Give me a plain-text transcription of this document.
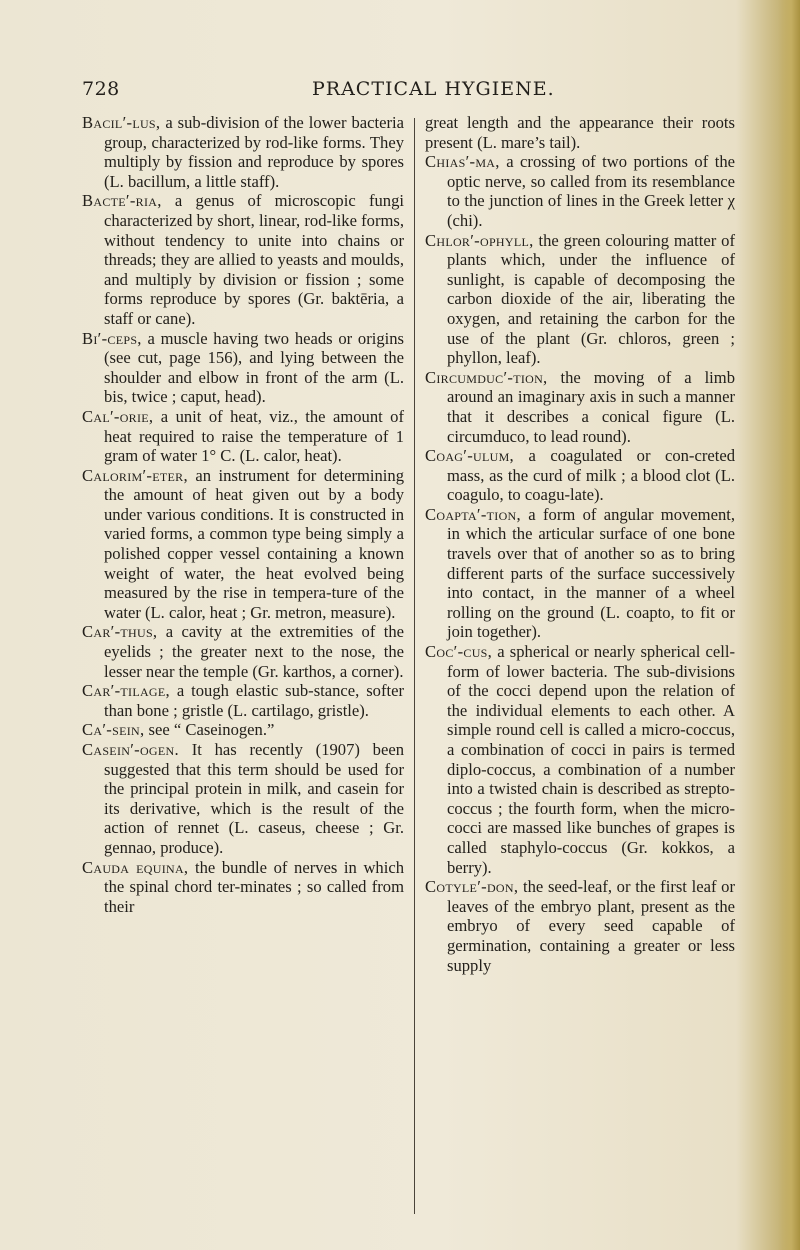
728	PRACTICAL HYGIENE.

Bacil′-lus, a sub-division of the lower bacteria group, characterized by rod-like forms. They multiply by fission and reproduce by spores (L. bacillum, a little staff).

Bacte′-ria, a genus of microscopic fungi characterized by short, linear, rod-like forms, without tendency to unite into chains or threads; they are allied to yeasts and moulds, and multiply by division or fission ; some forms reproduce by spores (Gr. baktēria, a staff or cane).

Bi′-ceps, a muscle having two heads or origins (see cut, page 156), and lying between the shoulder and elbow in front of the arm (L. bis, twice ; caput, head).

Cal′-orie, a unit of heat, viz., the amount of heat required to raise the temperature of 1 gram of water 1° C. (L. calor, heat).

Calorim′-eter, an instrument for determining the amount of heat given out by a body under various conditions. It is constructed in varied forms, a common type being simply a polished copper vessel containing a known weight of water, the heat evolved being measured by the rise in tempera-ture of the water (L. calor, heat ; Gr. metron, measure).

Car′-thus, a cavity at the extremities of the eyelids ; the greater next to the nose, the lesser near the temple (Gr. karthos, a corner).

Car′-tilage, a tough elastic sub-stance, softer than bone ; gristle (L. cartilago, gristle).

Ca′-sein, see “ Caseinogen.”

Casein′-ogen. It has recently (1907) been suggested that this term should be used for the principal protein in milk, and casein for its derivative, which is the result of the action of rennet (L. caseus, cheese ; Gr. gennao, produce).

Cauda equina, the bundle of nerves in which the spinal chord ter-minates ; so called from their

great length and the appearance their roots present (L. mare’s tail).

Chias′-ma, a crossing of two portions of the optic nerve, so called from its resemblance to the junction of lines in the Greek letter χ (chi).

Chlor′-ophyll, the green colouring matter of plants which, under the influence of sunlight, is capable of decomposing the carbon dioxide of the air, liberating the oxygen, and retaining the carbon for the use of the plant (Gr. chloros, green ; phyllon, leaf).

Circumduc′-tion, the moving of a limb around an imaginary axis in such a manner that it describes a conical figure (L. circumduco, to lead round).

Coag′-ulum, a coagulated or con-creted mass, as the curd of milk ; a blood clot (L. coagulo, to coagu-late).

Coapta′-tion, a form of angular movement, in which the articular surface of one bone travels over that of another so as to bring different parts of the surface successively into contact, in the manner of a wheel rolling on the ground (L. coapto, to fit or join together).

Coc′-cus, a spherical or nearly spherical cell-form of lower bacteria. The sub-divisions of the cocci depend upon the relation of the individual elements to each other. A simple round cell is called a micro-coccus, a combination of cocci in pairs is termed diplo-coccus, a combination of a number into a twisted chain is described as strepto-coccus ; the fourth form, when the micro-cocci are massed like bunches of grapes is called staphylo-coccus (Gr. kokkos, a berry).

Cotyle′-don, the seed-leaf, or the first leaf or leaves of the embryo plant, present as the embryo of every seed capable of germination, containing a greater or less supply
